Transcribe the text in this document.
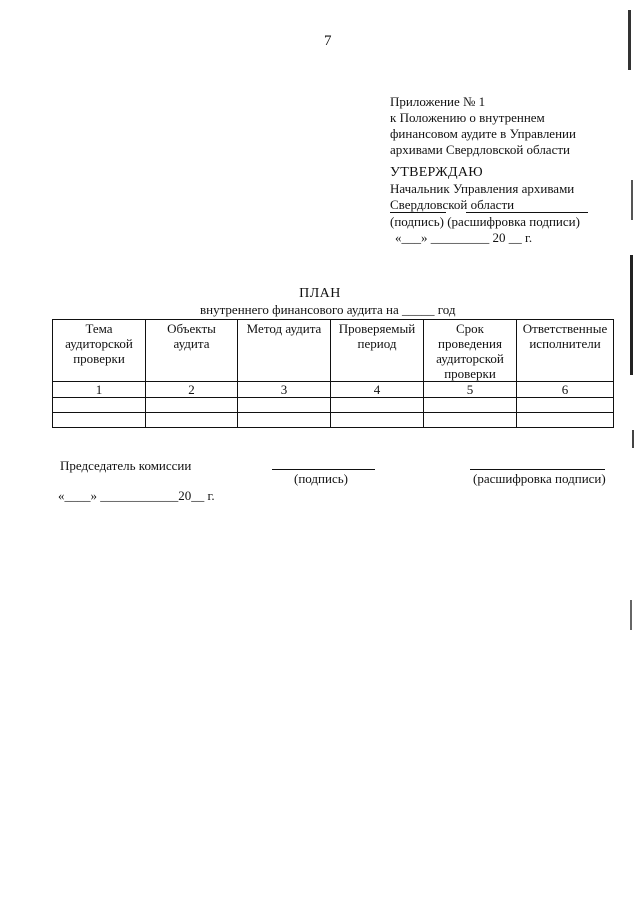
7
Приложение № 1
к Положению о внутреннем
финансовом аудите в Управлении
архивами Свердловской области
УТВЕРЖДАЮ
Начальник Управления архивами
Свердловской области
(подпись) (расшифровка подписи)
«___» _________ 20 __ г.
ПЛАН
внутреннего финансового аудита на _____ год
Тема аудиторской проверки	Объекты аудита	Метод аудита	Проверяемый период	Срок проведения аудиторской проверки	Ответственные исполнители
1	2	3	4	5	6

Председатель комиссии
(подпись)	(расшифровка подписи)
«____» ____________20__ г.
